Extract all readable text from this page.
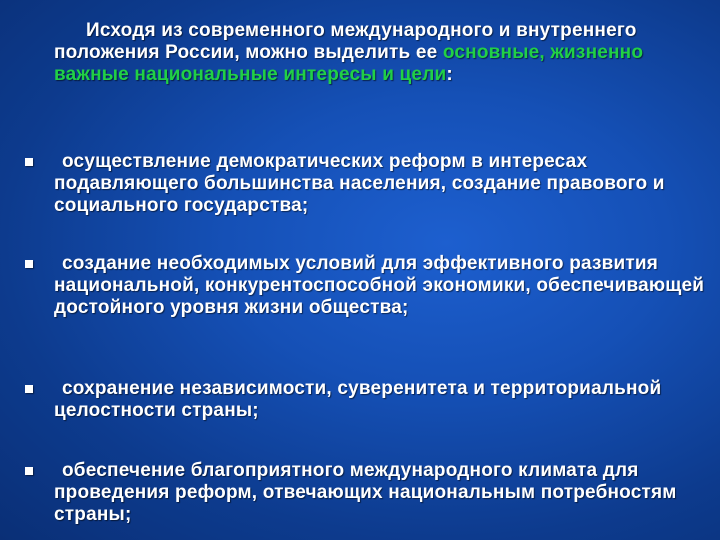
Исходя из современного международного и внутреннего положения России, можно выделить ее основные, жизненно важные национальные интересы и цели:
осуществление демократических реформ в интересах подавляющего большинства населения, создание правового и социального государства;
создание необходимых условий для эффективного развития национальной, конкурентоспособной экономики, обеспечивающей достойного уровня жизни общества;
сохранение независимости, суверенитета и территориальной целостности страны;
обеспечение благоприятного международного климата для проведения реформ, отвечающих национальным потребностям страны;
